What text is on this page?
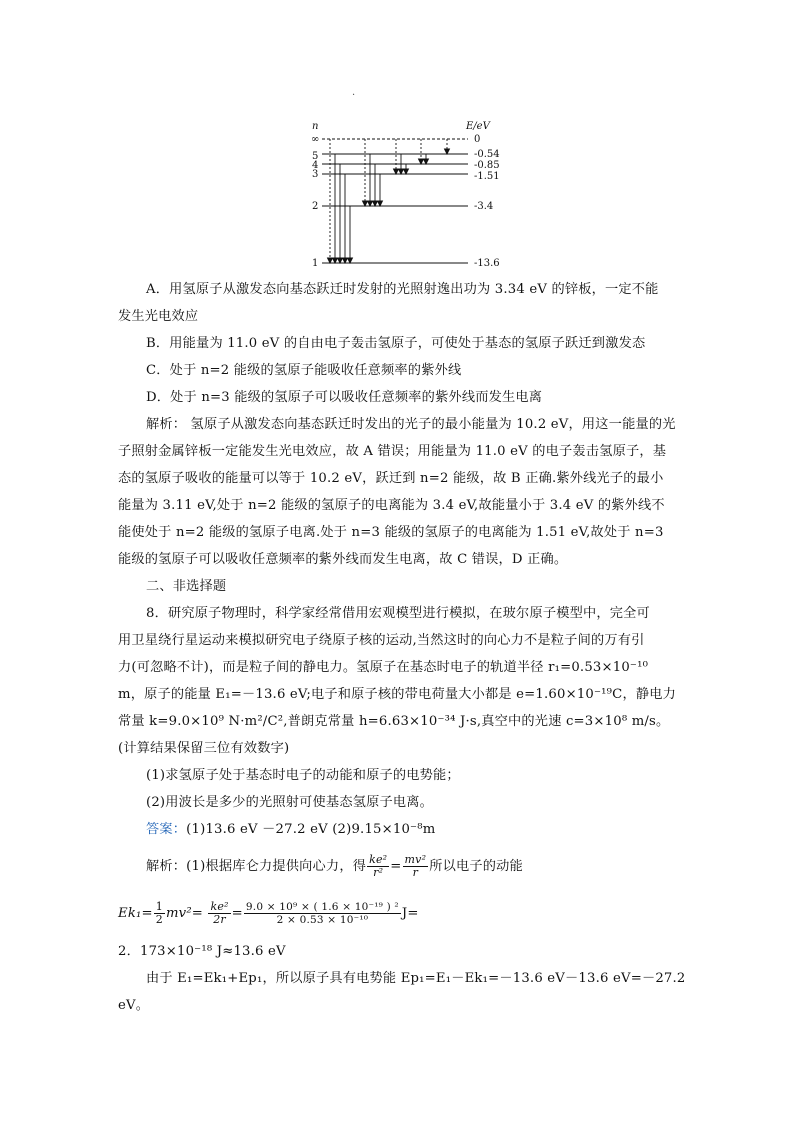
·
n	E/eV
∞
5
4
3
2
1
0
-0.54
-0.85
-1.51
-3.4
-13.6
A．用氢原子从激发态向基态跃迁时发射的光照射逸出功为 3.34 eV 的锌板，一定不能
发生光电效应
B．用能量为 11.0 eV 的自由电子轰击氢原子，可使处于基态的氢原子跃迁到激发态
C．处于 n=2 能级的氢原子能吸收任意频率的紫外线
D．处于 n=3 能级的氢原子可以吸收任意频率的紫外线而发生电离
解析： 氢原子从激发态向基态跃迁时发出的光子的最小能量为 10.2 eV，用这一能量的光
子照射金属锌板一定能发生光电效应，故 A 错误；用能量为 11.0 eV 的电子轰击氢原子，基
态的氢原子吸收的能量可以等于 10.2 eV，跃迁到 n=2 能级，故 B 正确.紫外线光子的最小
能量为 3.11 eV,处于 n=2 能级的氢原子的电离能为 3.4 eV,故能量小于 3.4 eV 的紫外线不
能使处于 n=2 能级的氢原子电离.处于 n=3 能级的氢原子的电离能为 1.51 eV,故处于 n=3
能级的氢原子可以吸收任意频率的紫外线而发生电离，故 C 错误，D 正确。
二、非选择题
8．研究原子物理时，科学家经常借用宏观模型进行模拟，在玻尔原子模型中，完全可
用卫星绕行星运动来模拟研究电子绕原子核的运动,当然这时的向心力不是粒子间的万有引
力(可忽略不计)，而是粒子间的静电力。氢原子在基态时电子的轨道半径 r₁=0.53×10⁻¹⁰
m，原子的能量 E₁=－13.6 eV;电子和原子核的带电荷量大小都是 e=1.60×10⁻¹⁹C，静电力
常量 k=9.0×10⁹ N·m²/C²,普朗克常量 h=6.63×10⁻³⁴ J·s,真空中的光速 c=3×10⁸ m/s。
(计算结果保留三位有效数字)
(1)求氢原子处于基态时电子的动能和原子的电势能；
(2)用波长是多少的光照射可使基态氢原子电离。
答案：(1)13.6 eV －27.2 eV (2)9.15×10⁻⁸m
解析：(1)根据库仑力提供向心力，得 $\frac{\text{ke²}}{\text{r²}} = \frac{\text{mv²}}{r}$ 所以电子的动能
$Ek_1= \frac{1}{2} mv^2= \frac{\text{ke²}}{2r} = \frac{\text{9.0 × 10⁹ × ( 1.6 × 10⁻¹⁹ ) ²}}{\text{2 × 0.53 × 10⁻¹⁰}} J=$
2．173×10⁻¹⁸ J≈13.6 eV
由于 E₁=Ek₁+Ep₁，所以原子具有电势能 Ep₁=E₁－Ek₁=－13.6 eV－13.6 eV=－27.2
eV。
